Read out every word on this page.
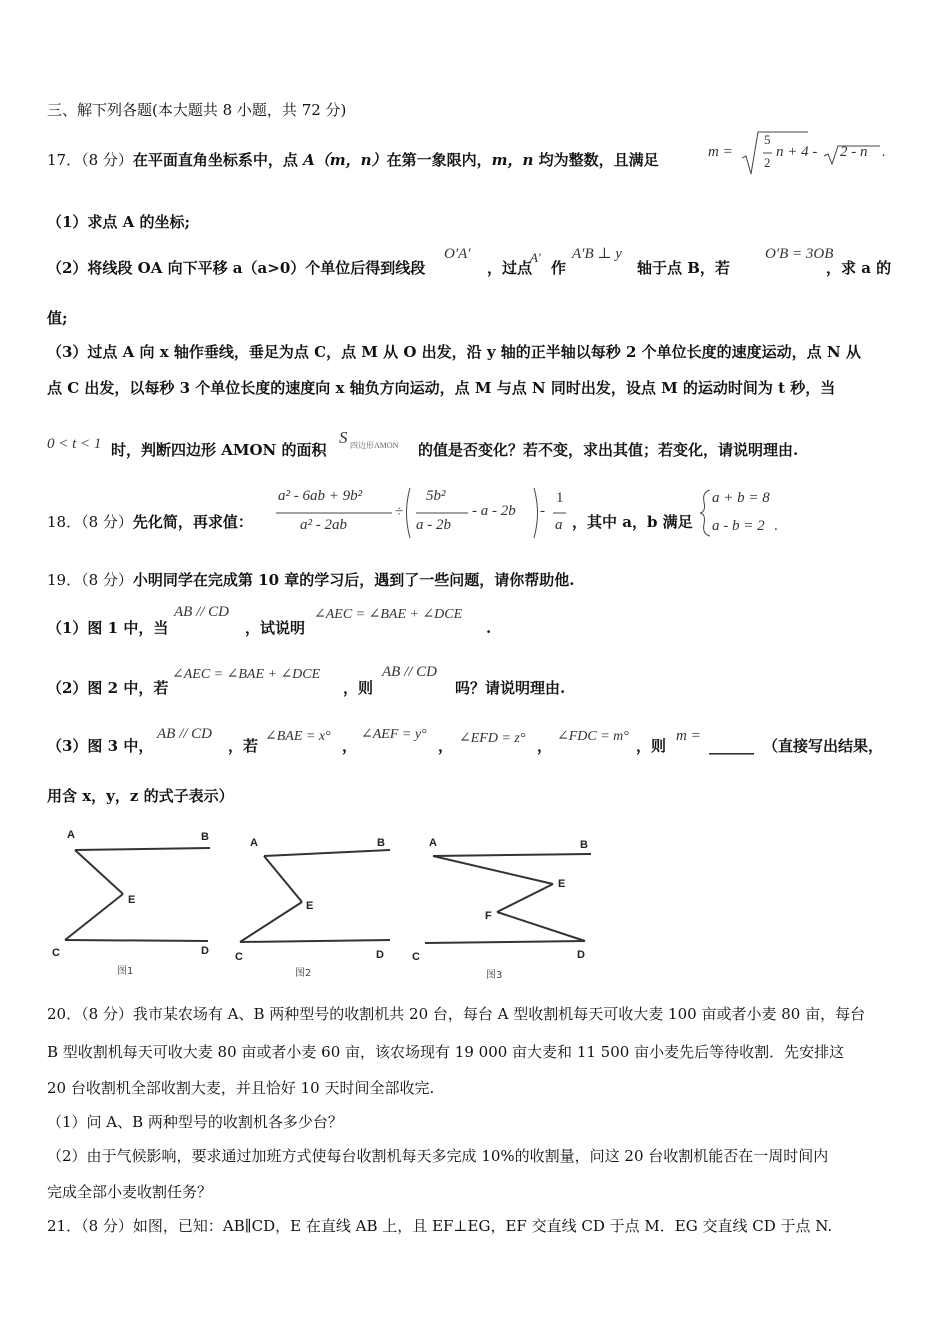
三、解下列各题(本大题共 8 小题，共 72 分)
17．（8 分）在平面直角坐标系中，点 A（m，n）在第一象限内，m，n 均为整数，且满足	m =
5
2
n + 4 - 2 - n .
（1）求点 A 的坐标;
（2）将线段 OA 向下平移 a（a>0）个单位后得到线段
O′A′
，过点
A′
作
A′B ⊥ y
轴于点 B，若
O′B = 3OB
，求 a 的
值;
（3）过点 A 向 x 轴作垂线，垂足为点 C，点 M 从 O 出发，沿 y 轴的正半轴以每秒 2 个单位长度的速度运动，点 N 从
点 C 出发，以每秒 3 个单位长度的速度向 x 轴负方向运动，点 M 与点 N 同时出发，设点 M 的运动时间为 t 秒，当
0 < t < 1 时，判断四边形 AMON 的面积
S 四边形AMON 的值是否变化？若不变，求出其值；若变化，请说明理由.
18．（8 分）先化简，再求值：
a² - 6ab + 9b²
a² - 2ab
÷
5b²
a - 2b
- a - 2b -
1
a ，其中 a，b 满足
a + b = 8
a - b = 2 .
19．（8 分）小明同学在完成第 10 章的学习后，遇到了一些问题，请你帮助他.
（1）图 1 中，当
AB // CD
，试说明
∠AEC = ∠BAE + ∠DCE
.
（2）图 2 中，若
∠AEC = ∠BAE + ∠DCE
，则
AB // CD
吗？请说明理由.
（3）图 3 中，
AB // CD
，若
∠BAE = x°
，
∠AEF = y°
， ∠EFD = z° ，
∠FDC = m°
，则
m =
______ （直接写出结果，
用含 x，y，z 的式子表示）
A	B
E
C	D
图1
A	B
E
C	D
图2
A	B
E
F
C	D
图3
20．（8 分）我市某农场有 A、B 两种型号的收割机共 20 台，每台 A 型收割机每天可收大麦 100 亩或者小麦 80 亩，每台
B 型收割机每天可收大麦 80 亩或者小麦 60 亩，该农场现有 19 000 亩大麦和 11 500 亩小麦先后等待收割．先安排这
20 台收割机全部收割大麦，并且恰好 10 天时间全部收完.
（1）问 A、B 两种型号的收割机各多少台？
（2）由于气候影响，要求通过加班方式使每台收割机每天多完成 10%的收割量，问这 20 台收割机能否在一周时间内
完成全部小麦收割任务？
21．（8 分）如图，已知：AB∥CD，E 在直线 AB 上，且 EF⊥EG，EF 交直线 CD 于点 M．EG 交直线 CD 于点 N.
